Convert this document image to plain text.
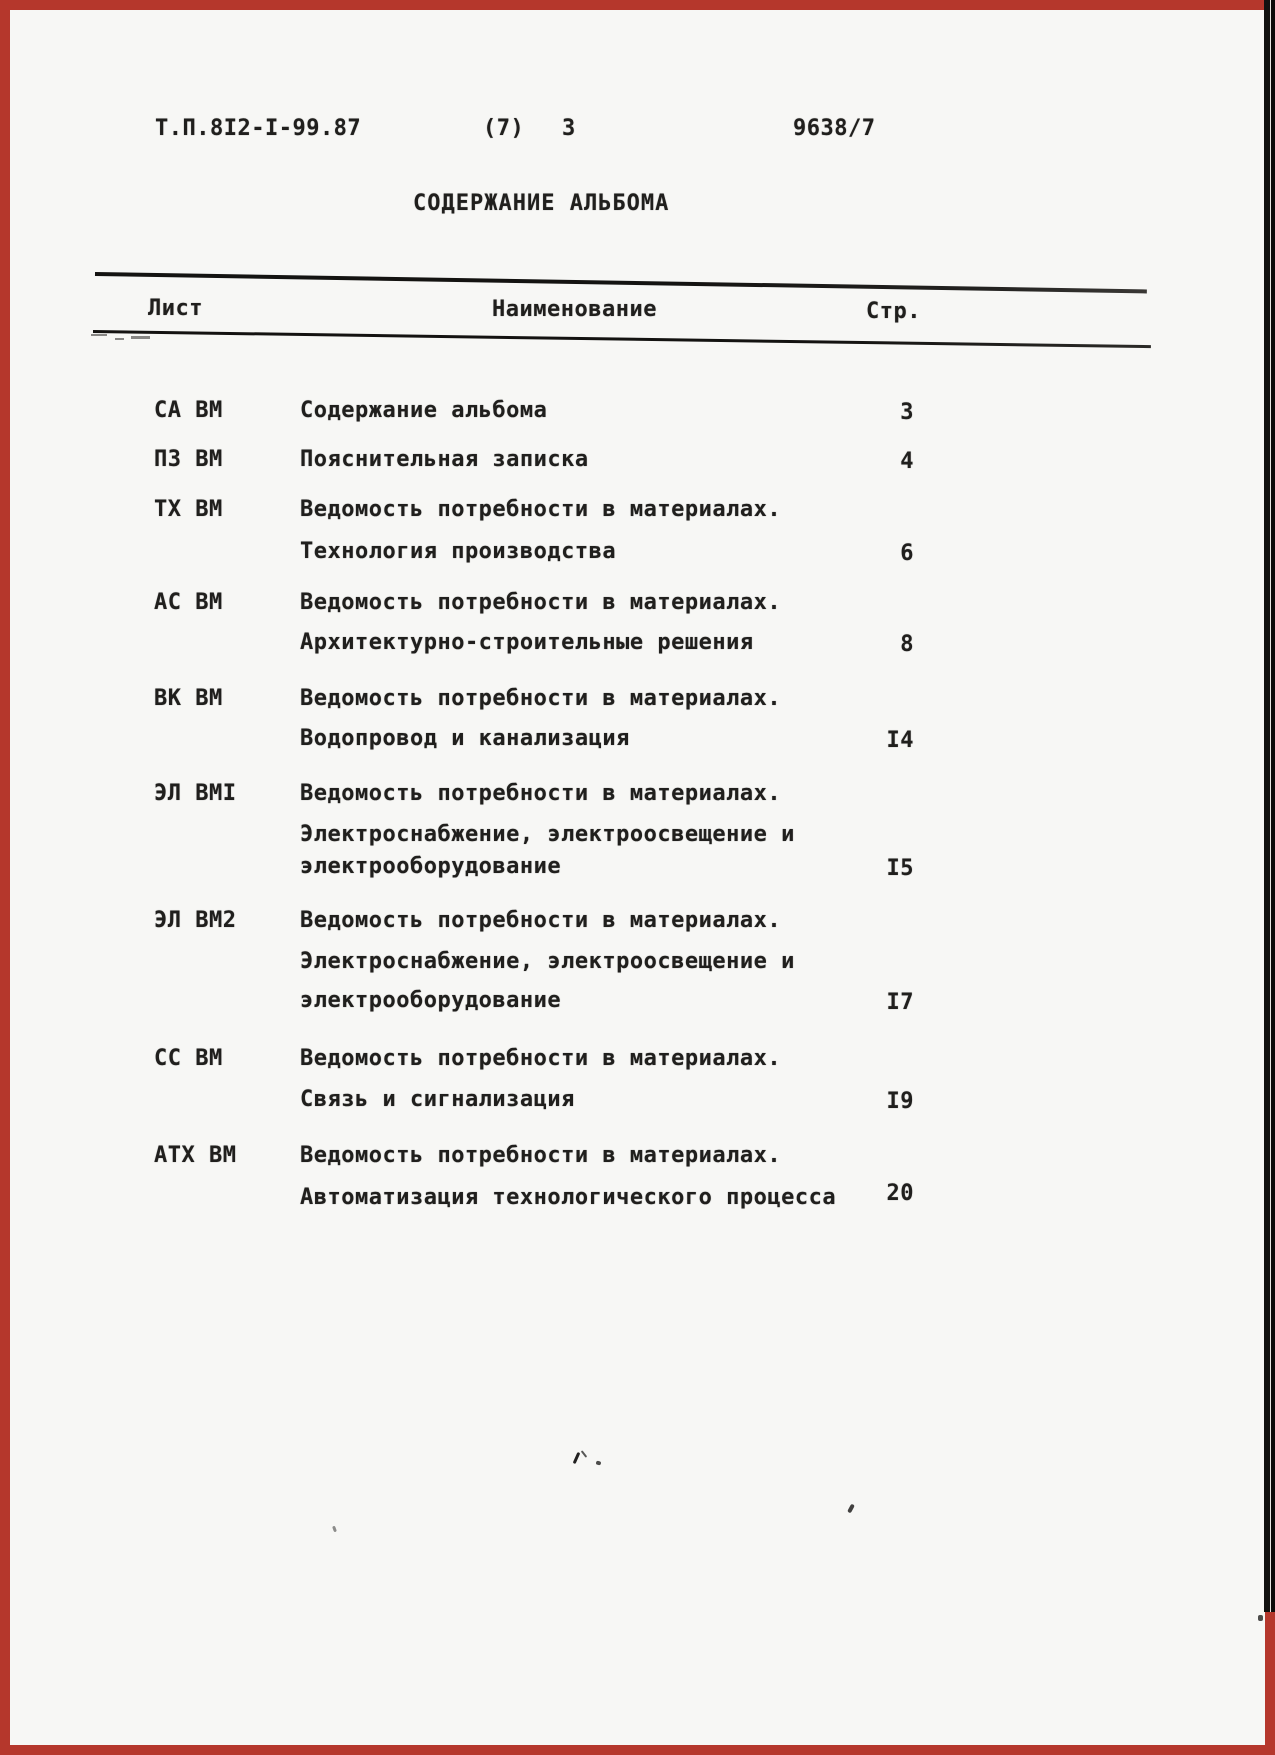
Т.П.8I2-I-99.87	(7) 3	9638/7
СОДЕРЖАНИЕ АЛЬБОМА
Лист	Наименование	Стр.
СА ВМ	Содержание альбома	3
ПЗ ВМ	Пояснительная записка	4
ТХ ВМ	Ведомость потребности в материалах.
Технология производства	6
АС ВМ	Ведомость потребности в материалах.
Архитектурно-строительные решения	8
ВК ВМ	Ведомость потребности в материалах.
Водопровод и канализация	I4
ЭЛ ВМI	Ведомость потребности в материалах.
Электроснабжение, электроосвещение и
электрооборудование	I5
ЭЛ ВМ2	Ведомость потребности в материалах.
Электроснабжение, электроосвещение и
электрооборудование	I7
СС ВМ	Ведомость потребности в материалах.
Связь и сигнализация	I9
АТХ ВМ	Ведомость потребности в материалах.
Автоматизация технологического процесса	20
